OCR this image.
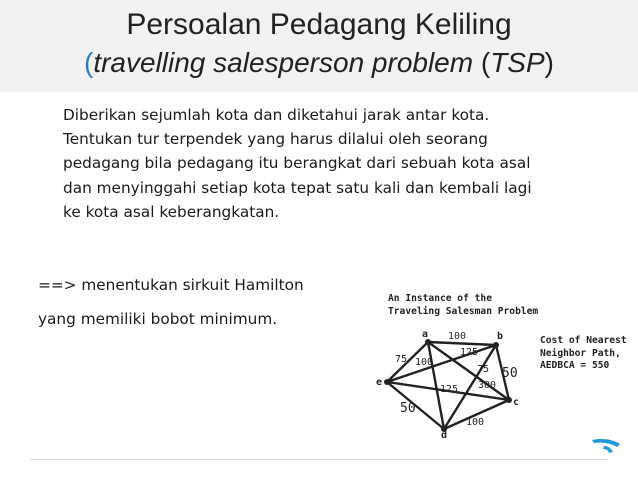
Persoalan Pedagang Keliling
(travelling salesperson problem (TSP)
Diberikan sejumlah kota dan diketahui jarak antar kota.
Tentukan tur terpendek yang harus dilalui oleh seorang
pedagang bila pedagang itu berangkat dari sebuah kota asal
dan menyinggahi setiap kota tepat satu kali dan kembali lagi
ke kota asal keberangkatan.
==> menentukan sirkuit Hamilton
yang memiliki bobot minimum.
An Instance of the
Traveling Salesman Problem
Cost of Nearest
Neighbor Path,
AEDBCA = 550
a	b
c
d
e
100
75 100
125
75 50
300
50
100
125
